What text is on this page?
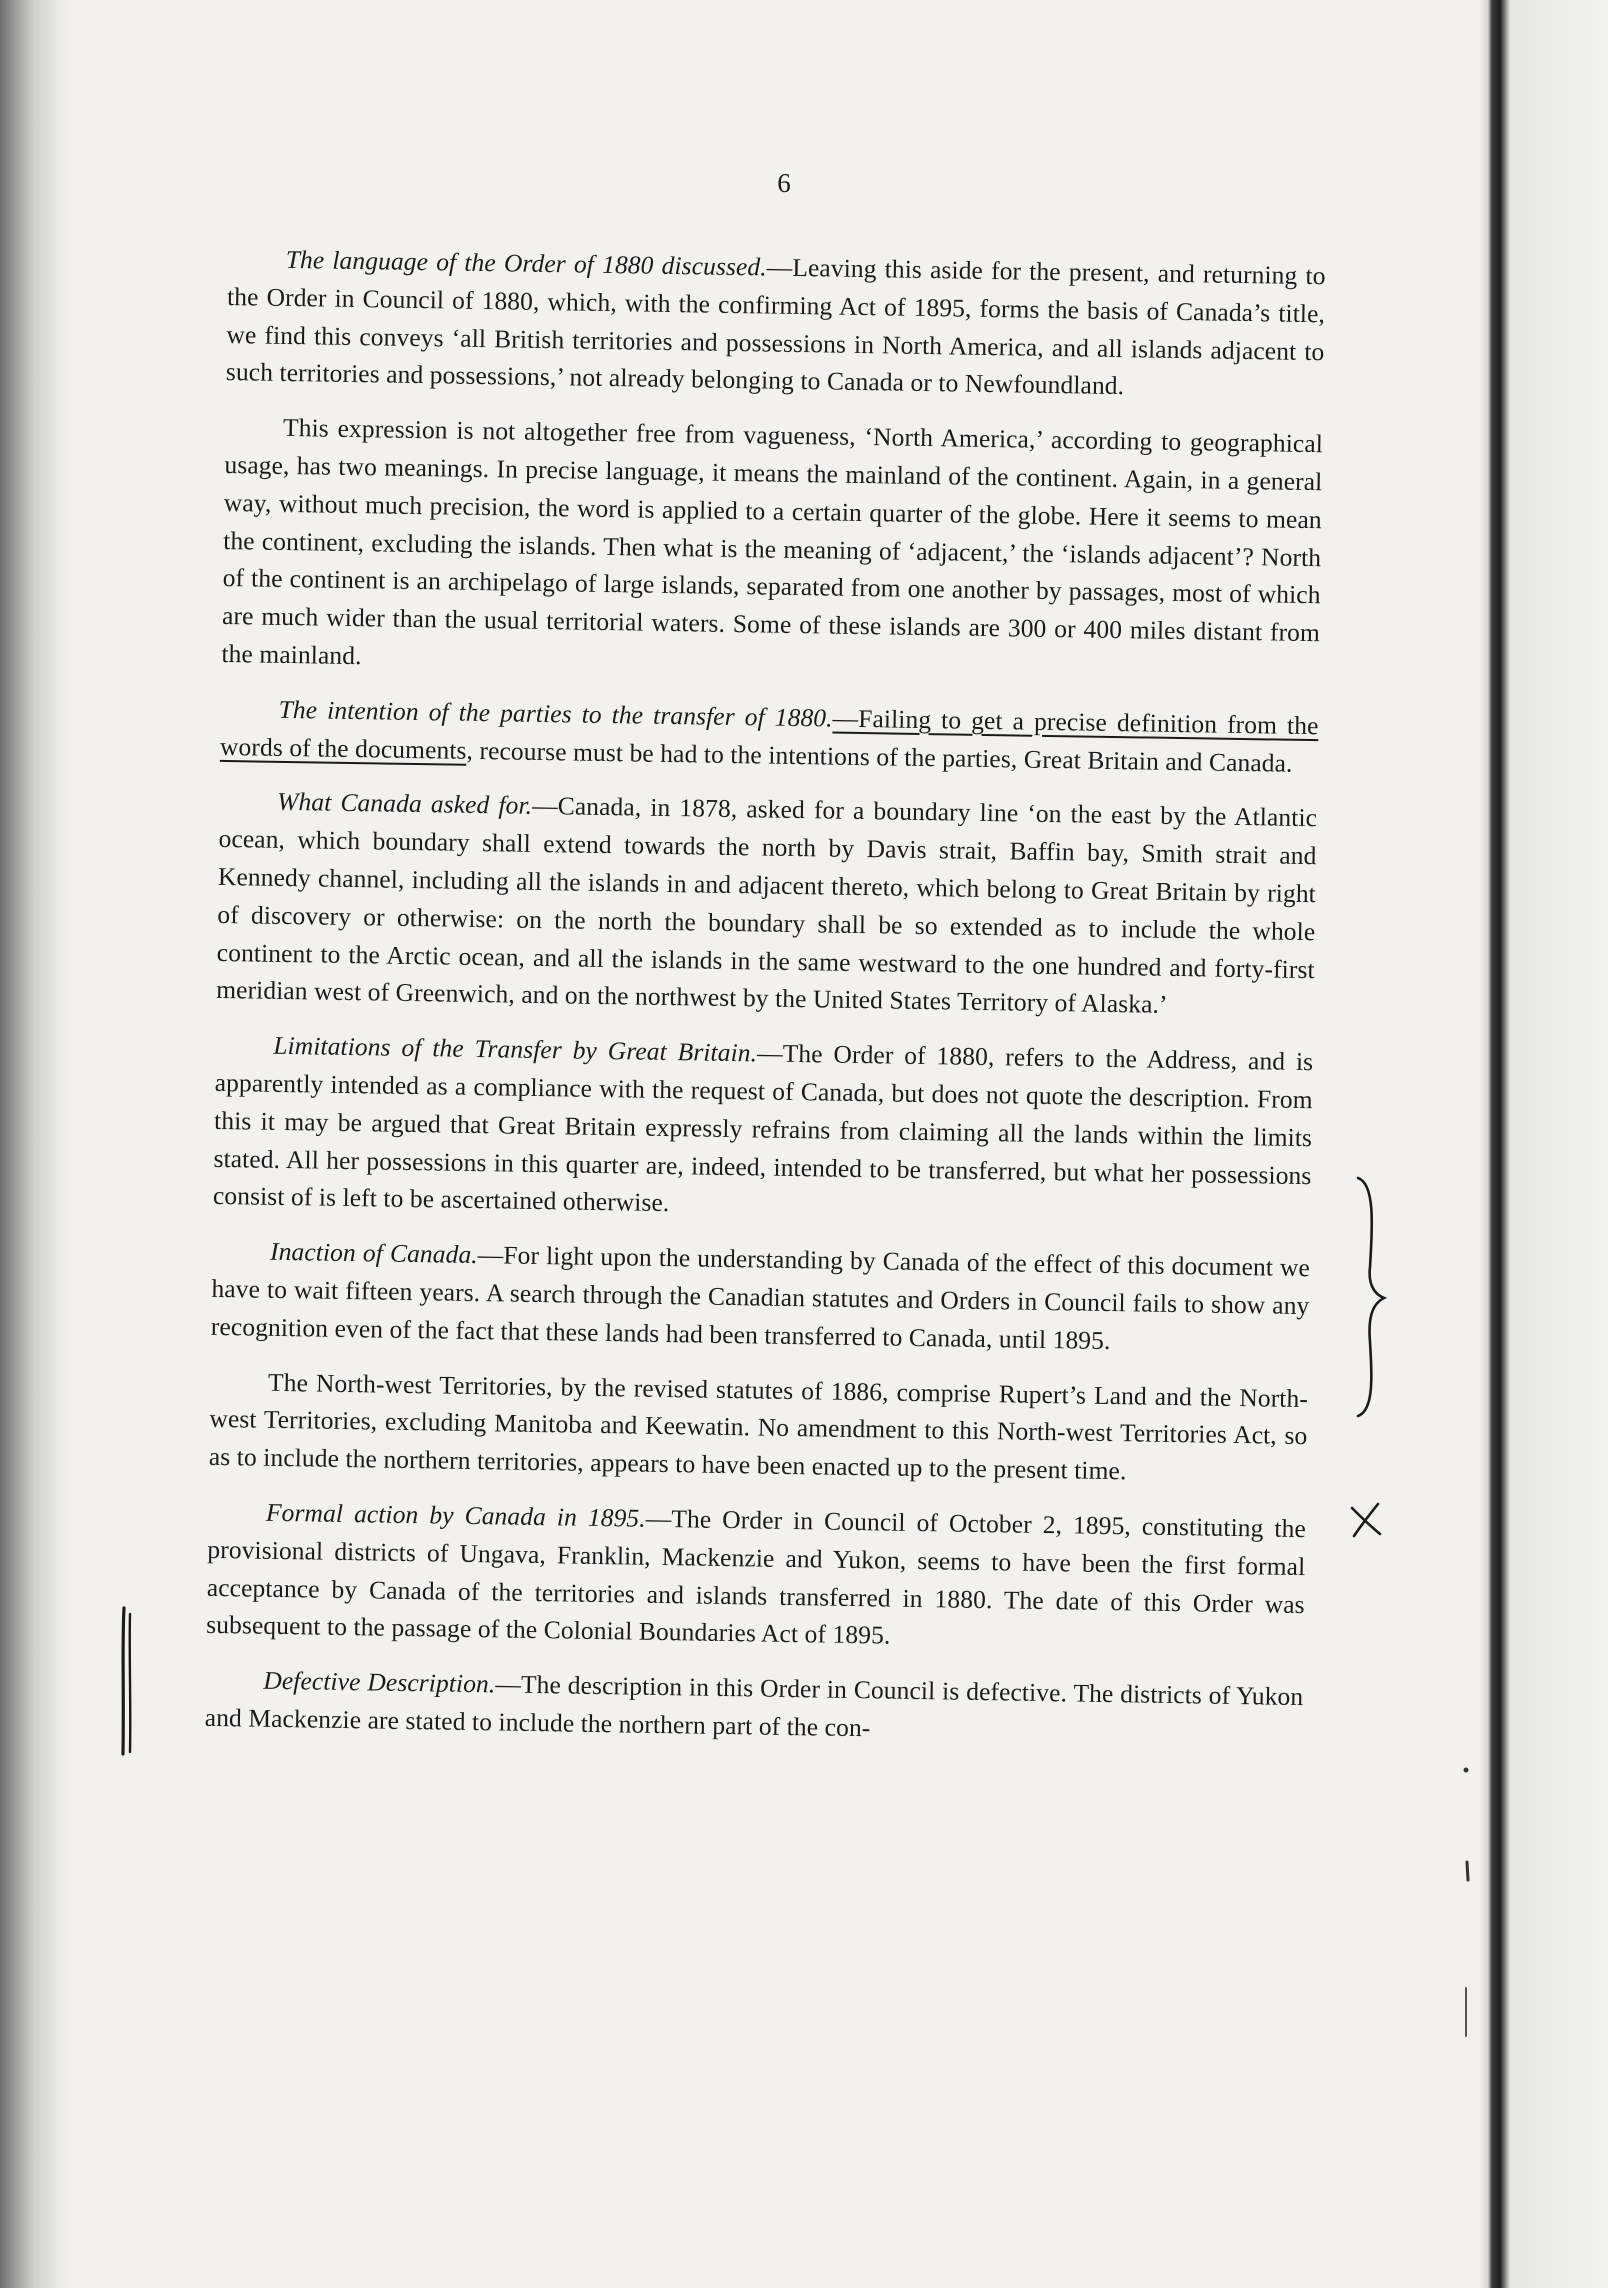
6

The language of the Order of 1880 discussed.—Leaving this aside for the present, and returning to the Order in Council of 1880, which, with the confirming Act of 1895, forms the basis of Canada’s title, we find this conveys ‘all British territories and possessions in North America, and all islands adjacent to such territories and possessions,’ not already belonging to Canada or to Newfoundland.

This expression is not altogether free from vagueness, ‘North America,’ according to geographical usage, has two meanings. In precise language, it means the mainland of the continent. Again, in a general way, without much precision, the word is applied to a certain quarter of the globe. Here it seems to mean the continent, excluding the islands. Then what is the meaning of ‘adjacent,’ the ‘islands adjacent’? North of the continent is an archipelago of large islands, separated from one another by passages, most of which are much wider than the usual territorial waters. Some of these islands are 300 or 400 miles distant from the mainland.

The intention of the parties to the transfer of 1880.—Failing to get a precise definition from the words of the documents, recourse must be had to the intentions of the parties, Great Britain and Canada.

What Canada asked for.—Canada, in 1878, asked for a boundary line ‘on the east by the Atlantic ocean, which boundary shall extend towards the north by Davis strait, Baffin bay, Smith strait and Kennedy channel, including all the islands in and adjacent thereto, which belong to Great Britain by right of discovery or otherwise: on the north the boundary shall be so extended as to include the whole continent to the Arctic ocean, and all the islands in the same westward to the one hundred and forty-first meridian west of Greenwich, and on the northwest by the United States Territory of Alaska.’

Limitations of the Transfer by Great Britain.—The Order of 1880, refers to the Address, and is apparently intended as a compliance with the request of Canada, but does not quote the description. From this it may be argued that Great Britain expressly refrains from claiming all the lands within the limits stated. All her possessions in this quarter are, indeed, intended to be transferred, but what her possessions consist of is left to be ascertained otherwise.

Inaction of Canada.—For light upon the understanding by Canada of the effect of this document we have to wait fifteen years. A search through the Canadian statutes and Orders in Council fails to show any recognition even of the fact that these lands had been transferred to Canada, until 1895.

The North-west Territories, by the revised statutes of 1886, comprise Rupert’s Land and the North-west Territories, excluding Manitoba and Keewatin. No amendment to this North-west Territories Act, so as to include the northern territories, appears to have been enacted up to the present time.

Formal action by Canada in 1895.—The Order in Council of October 2, 1895, constituting the provisional districts of Ungava, Franklin, Mackenzie and Yukon, seems to have been the first formal acceptance by Canada of the territories and islands transferred in 1880. The date of this Order was subsequent to the passage of the Colonial Boundaries Act of 1895.

Defective Description.—The description in this Order in Council is defective. The districts of Yukon and Mackenzie are stated to include the northern part of the con-
